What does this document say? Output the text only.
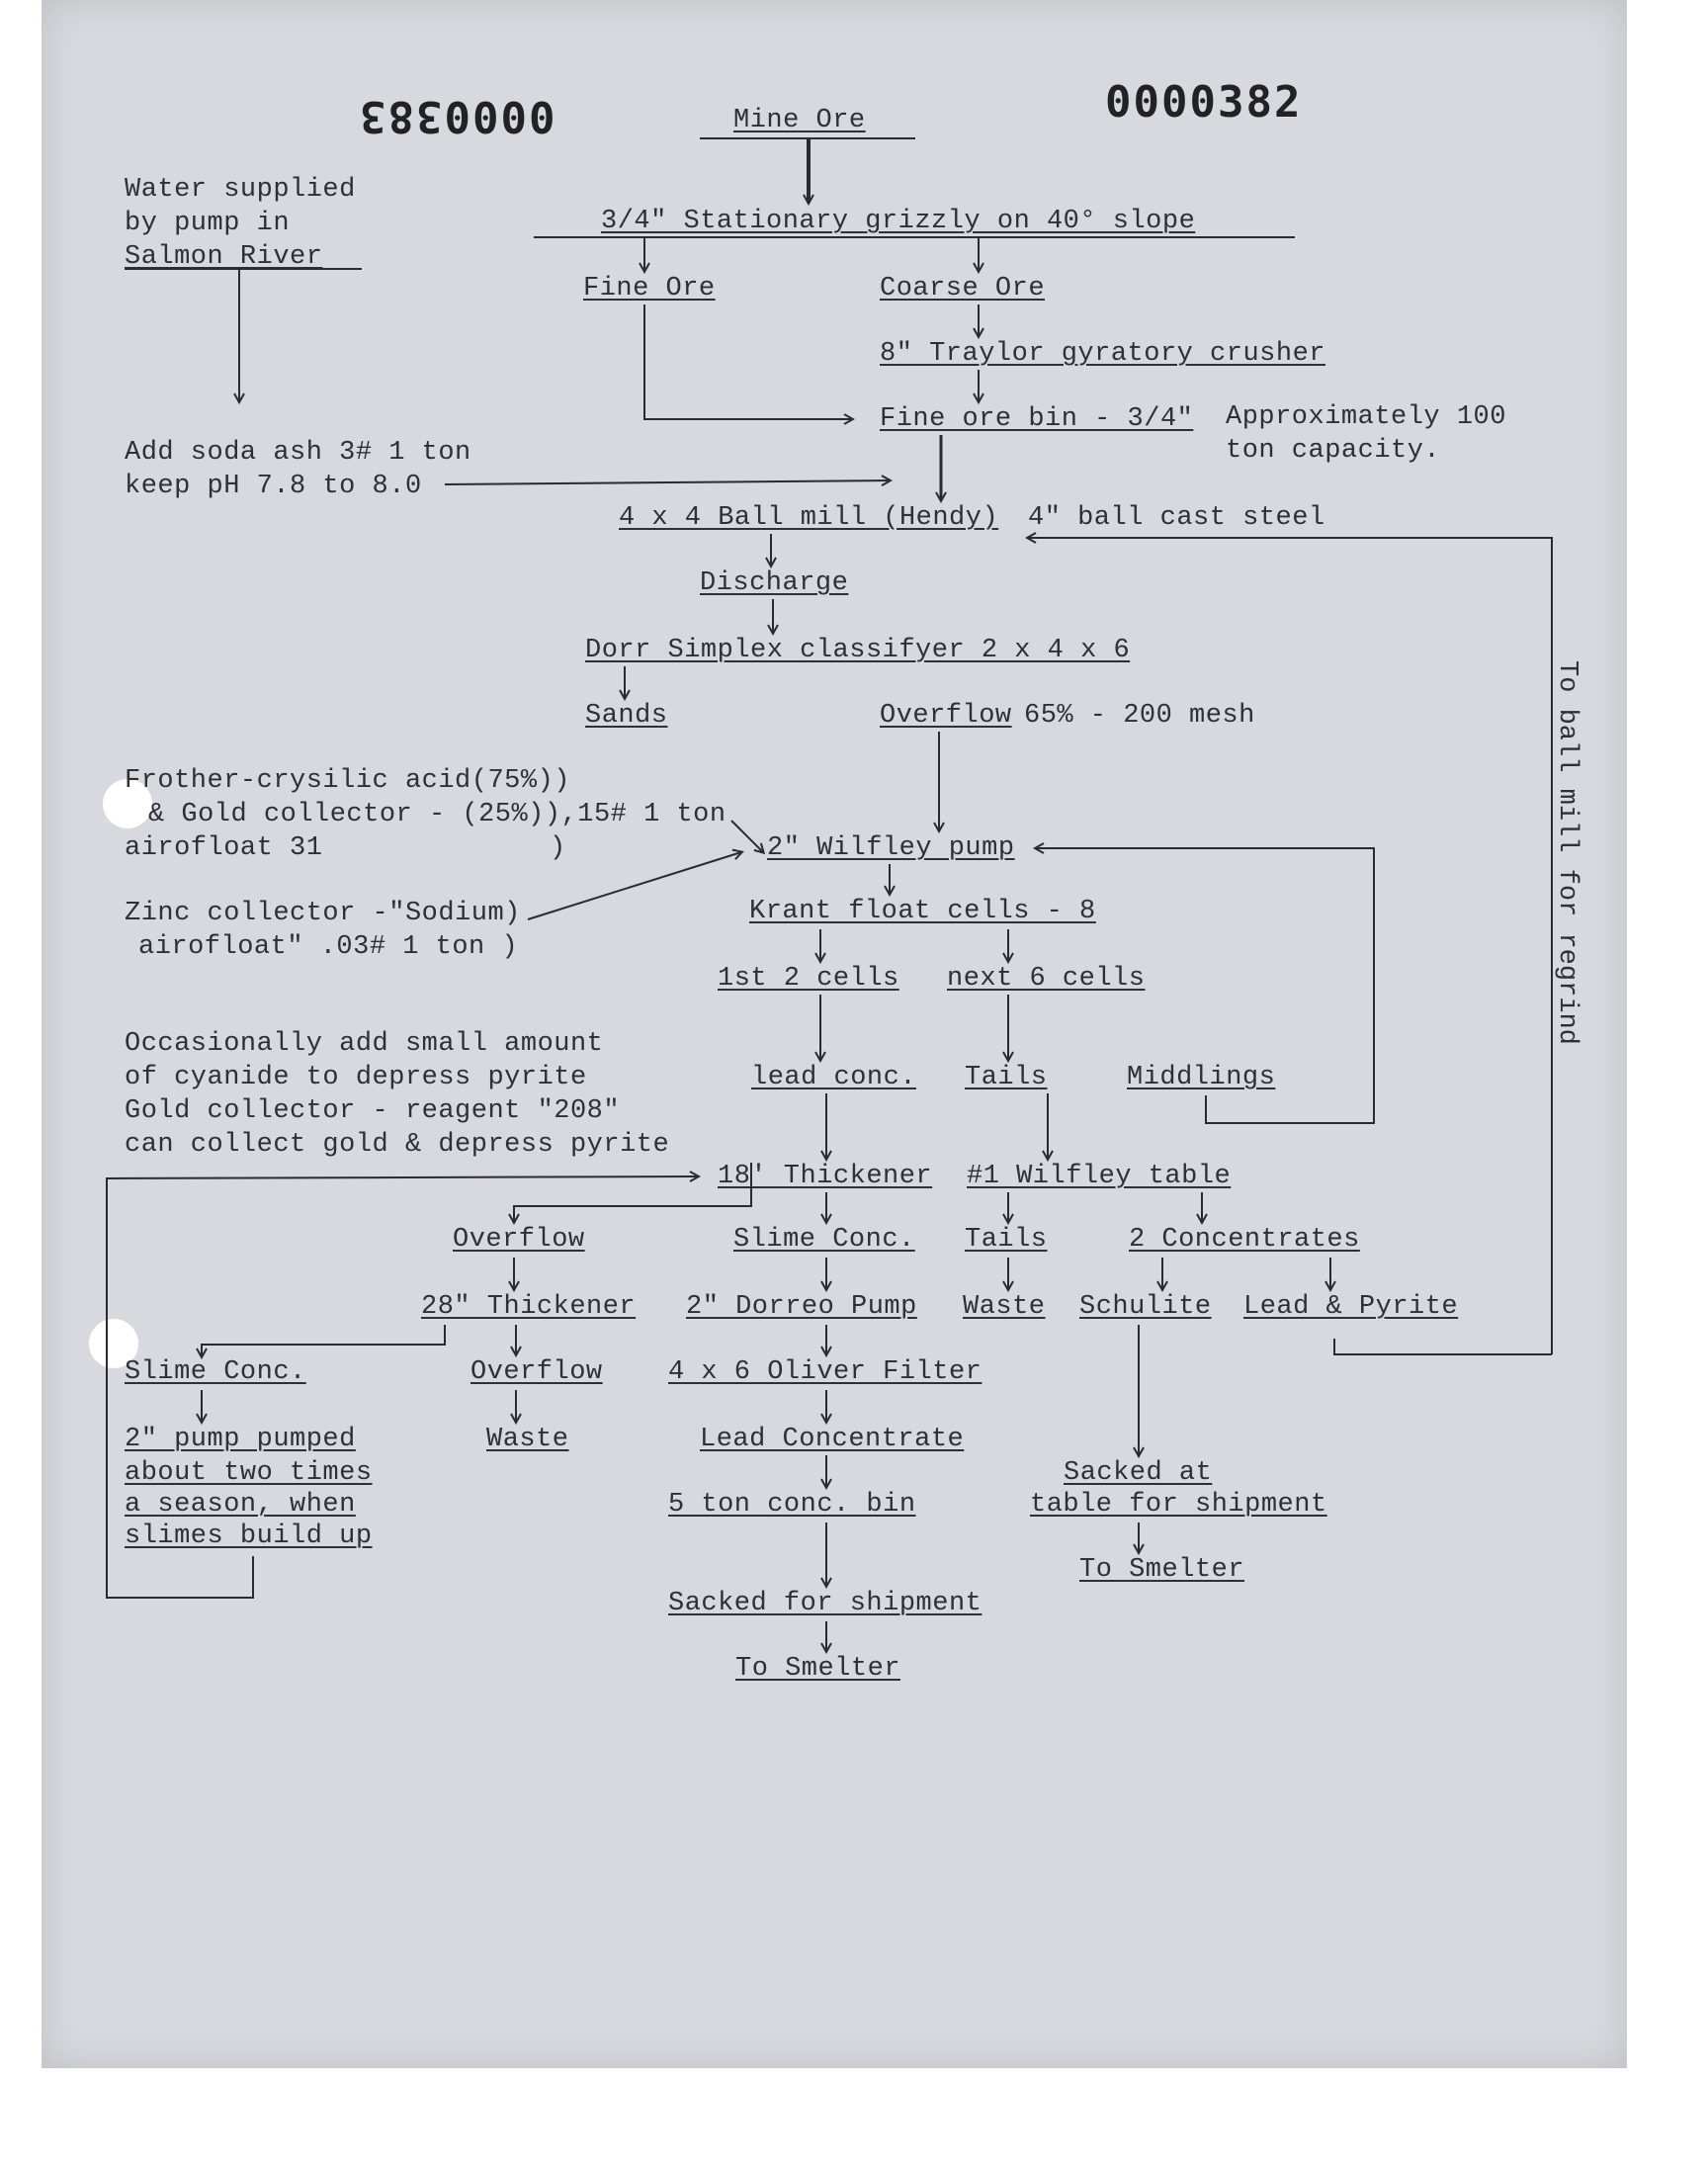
0000383	0000382
Water supplied
by pump in
Salmon River
Add soda ash 3# 1 ton
keep pH 7.8 to 8.0
Approximately 100
ton capacity.
4" ball cast steel
65% - 200 mesh
Frother-crysilic acid(75%))
& Gold collector - (25%)),15# 1 ton
airofloat 31	)
Zinc collector -"Sodium)
airofloat" .03# 1 ton )
Occasionally add small amount
of cyanide to depress pyrite
Gold collector - reagent "208"
can collect gold & depress pyrite
To ball mill for regrind
Mine Ore
3/4" Stationary grizzly on 40° slope
Fine Ore	Coarse Ore
8" Traylor gyratory crusher
Fine ore bin - 3/4"
4 x 4 Ball mill (Hendy)
Discharge
Dorr Simplex classifyer 2 x 4 x 6
Sands	Overflow
2" Wilfley pump
Krant float cells - 8
1st 2 cells next 6 cells
lead conc. Tails	Middlings
18' Thickener #1 Wilfley table
Overflow	Slime Conc. Tails	2 Concentrates
28" Thickener 2" Dorreo Pump Waste Schulite Lead & Pyrite
Slime Conc.	Overflow 4 x 6 Oliver Filter
2" pump pumped
about two times
a season, when
slimes build up
Waste	Lead Concentrate
5 ton conc. bin
Sacked for shipment
To Smelter
Sacked at
table for shipment
To Smelter
